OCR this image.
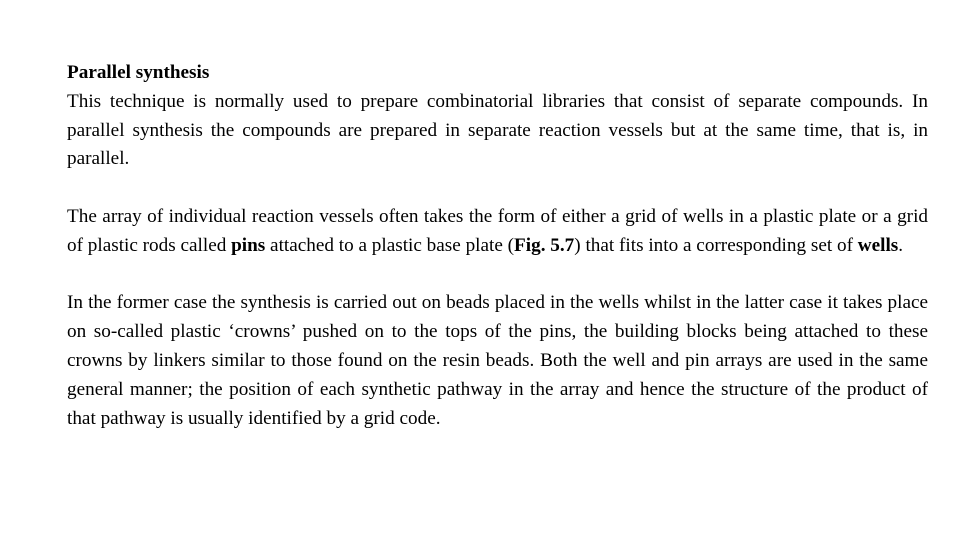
Parallel synthesis
This technique is normally used to prepare combinatorial libraries that consist of separate compounds. In parallel synthesis the compounds are prepared in separate reaction vessels but at the same time, that is, in parallel.

The array of individual reaction vessels often takes the form of either a grid of wells in a plastic plate or a grid of plastic rods called pins attached to a plastic base plate (Fig. 5.7) that fits into a corresponding set of wells.

In the former case the synthesis is carried out on beads placed in the wells whilst in the latter case it takes place on so-called plastic ‘crowns’ pushed on to the tops of the pins, the building blocks being attached to these crowns by linkers similar to those found on the resin beads. Both the well and pin arrays are used in the same general manner; the position of each synthetic pathway in the array and hence the structure of the product of that pathway is usually identified by a grid code.
